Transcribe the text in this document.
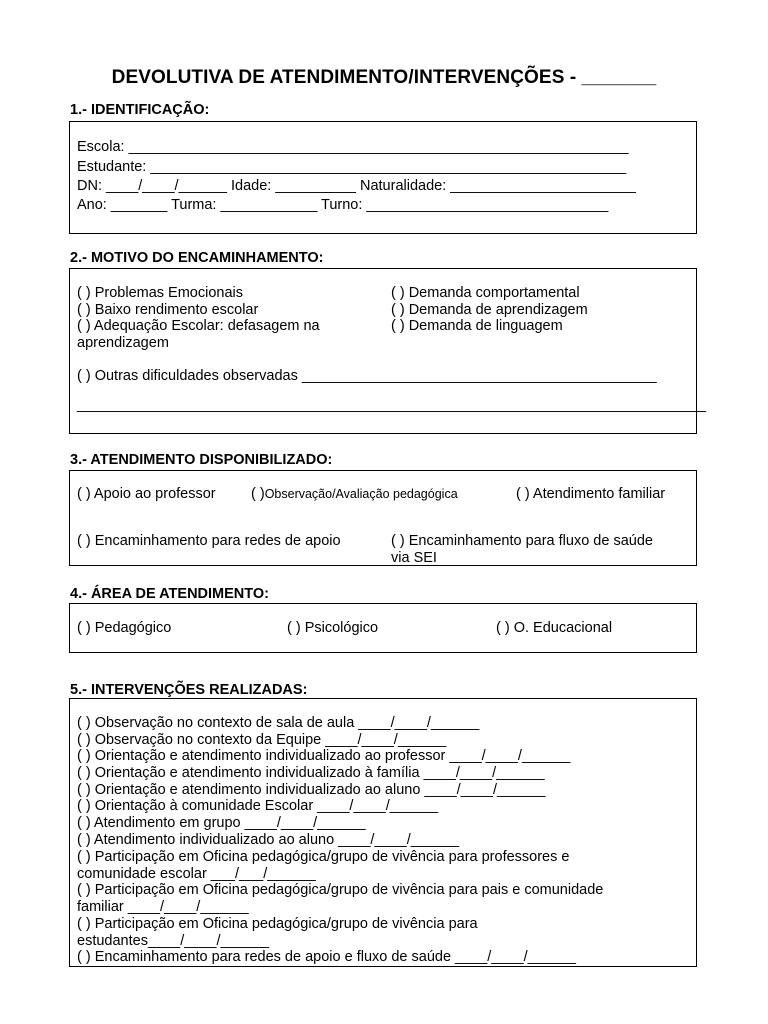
DEVOLUTIVA DE ATENDIMENTO/INTERVENÇÕES - _______
1.- IDENTIFICAÇÃO:
Escola: ______________________________________________________________
Estudante: ___________________________________________________________
DN: ____/____/______ Idade: __________ Naturalidade: _______________________
Ano: _______ Turma: ____________ Turno: ______________________________
2.- MOTIVO DO ENCAMINHAMENTO:
( ) Problemas Emocionais
( ) Baixo rendimento escolar
( ) Adequação Escolar: defasagem na
aprendizagem
( ) Demanda comportamental
( ) Demanda de aprendizagem
( ) Demanda de linguagem
( ) Outras dificuldades observadas ____________________________________________
______________________________________________________________________________
3.- ATENDIMENTO DISPONIBILIZADO:
( ) Apoio ao professor ( )Observação/Avaliação pedagógica	( ) Atendimento familiar
( ) Encaminhamento para redes de apoio	( ) Encaminhamento para fluxo de saúde
via SEI
4.- ÁREA DE ATENDIMENTO:
( ) Pedagógico	( ) Psicológico	( ) O. Educacional
5.- INTERVENÇÕES REALIZADAS:
( ) Observação no contexto de sala de aula ____/____/______
( ) Observação no contexto da Equipe ____/____/______
( ) Orientação e atendimento individualizado ao professor ____/____/______
( ) Orientação e atendimento individualizado à família ____/____/______
( ) Orientação e atendimento individualizado ao aluno ____/____/______
( ) Orientação à comunidade Escolar ____/____/______
( ) Atendimento em grupo ____/____/______
( ) Atendimento individualizado ao aluno ____/____/______
( ) Participação em Oficina pedagógica/grupo de vivência para professores e
comunidade escolar ___/___/______
( ) Participação em Oficina pedagógica/grupo de vivência para pais e comunidade
familiar ____/____/______
( ) Participação em Oficina pedagógica/grupo de vivência para
estudantes____/____/______
( ) Encaminhamento para redes de apoio e fluxo de saúde ____/____/______
